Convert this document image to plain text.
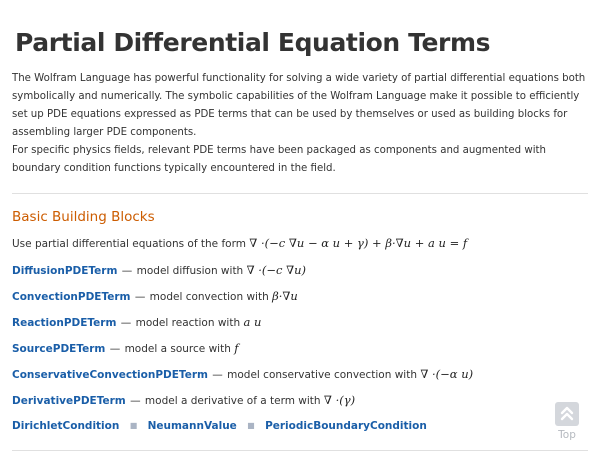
Partial Differential Equation Terms

The Wolfram Language has powerful functionality for solving a wide variety of partial differential equations both symbolically and numerically. The symbolic capabilities of the Wolfram Language make it possible to efficiently set up PDE equations expressed as PDE terms that can be used by themselves or used as building blocks for assembling larger PDE components.

For specific physics fields, relevant PDE terms have been packaged as components and augmented with boundary condition functions typically encountered in the field.

Basic Building Blocks
Use partial differential equations of the form ∇ ·(−c ∇u − α u + γ) + β·∇u + a u = f
DiffusionPDETerm — model diffusion with ∇ ·(−c ∇u)
ConvectionPDETerm — model convection with β·∇u
ReactionPDETerm — model reaction with a u
SourcePDETerm — model a source with f
ConservativeConvectionPDETerm — model conservative convection with ∇ ·(−α u)
DerivativePDETerm — model a derivative of a term with ∇ ·(γ)
DirichletCondition ■ NeumannValue ■ PeriodicBoundaryCondition
Top
